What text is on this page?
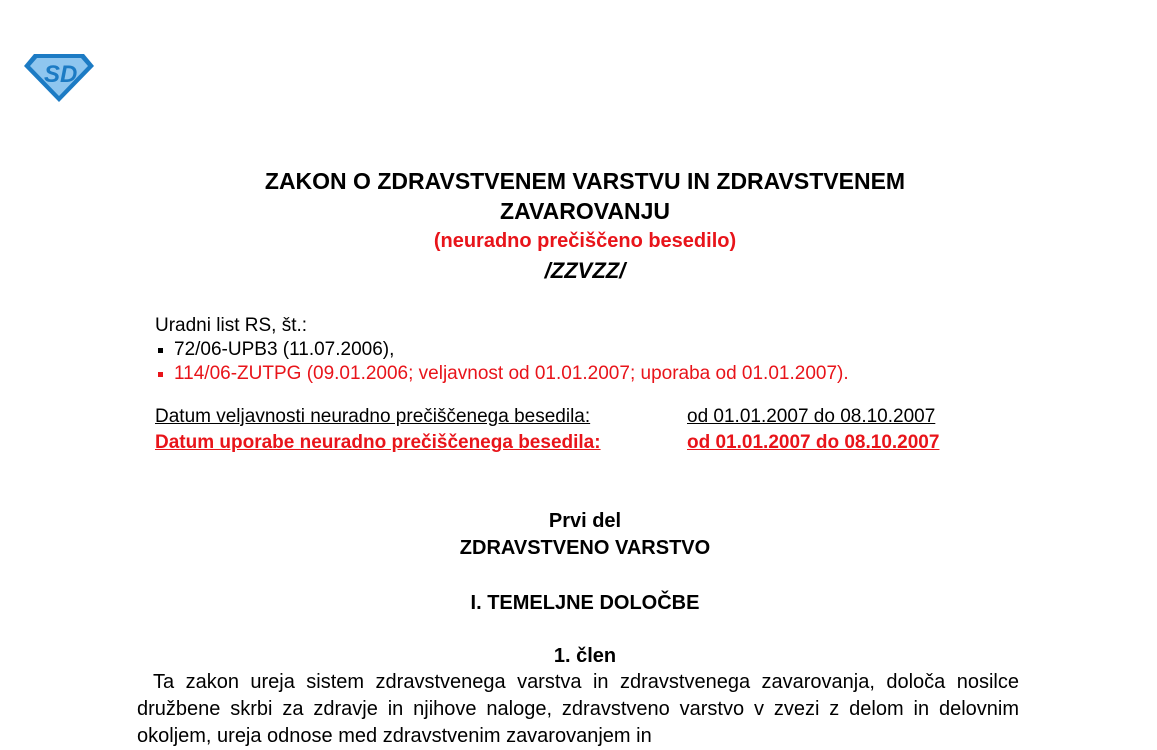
S D
ZAKON O ZDRAVSTVENEM VARSTVU IN ZDRAVSTVENEM
ZAVAROVANJU
(neuradno prečiščeno besedilo)
/ZZVZZ/
Uradni list RS, št.:
72/06-UPB3 (11.07.2006),
114/06-ZUTPG (09.01.2006; veljavnost od 01.01.2007; uporaba od 01.01.2007).
Datum veljavnosti neuradno prečiščenega besedila:	od 01.01.2007 do 08.10.2007
Datum uporabe neuradno prečiščenega besedila:	od 01.01.2007 do 08.10.2007
Prvi del
ZDRAVSTVENO VARSTVO
I. TEMELJNE DOLOČBE
1. člen
Ta zakon ureja sistem zdravstvenega varstva in zdravstvenega zavarovanja, določa nosilce družbene skrbi za zdravje in njihove naloge, zdravstveno varstvo v zvezi z delom in delovnim okoljem, ureja odnose med zdravstvenim zavarovanjem in
